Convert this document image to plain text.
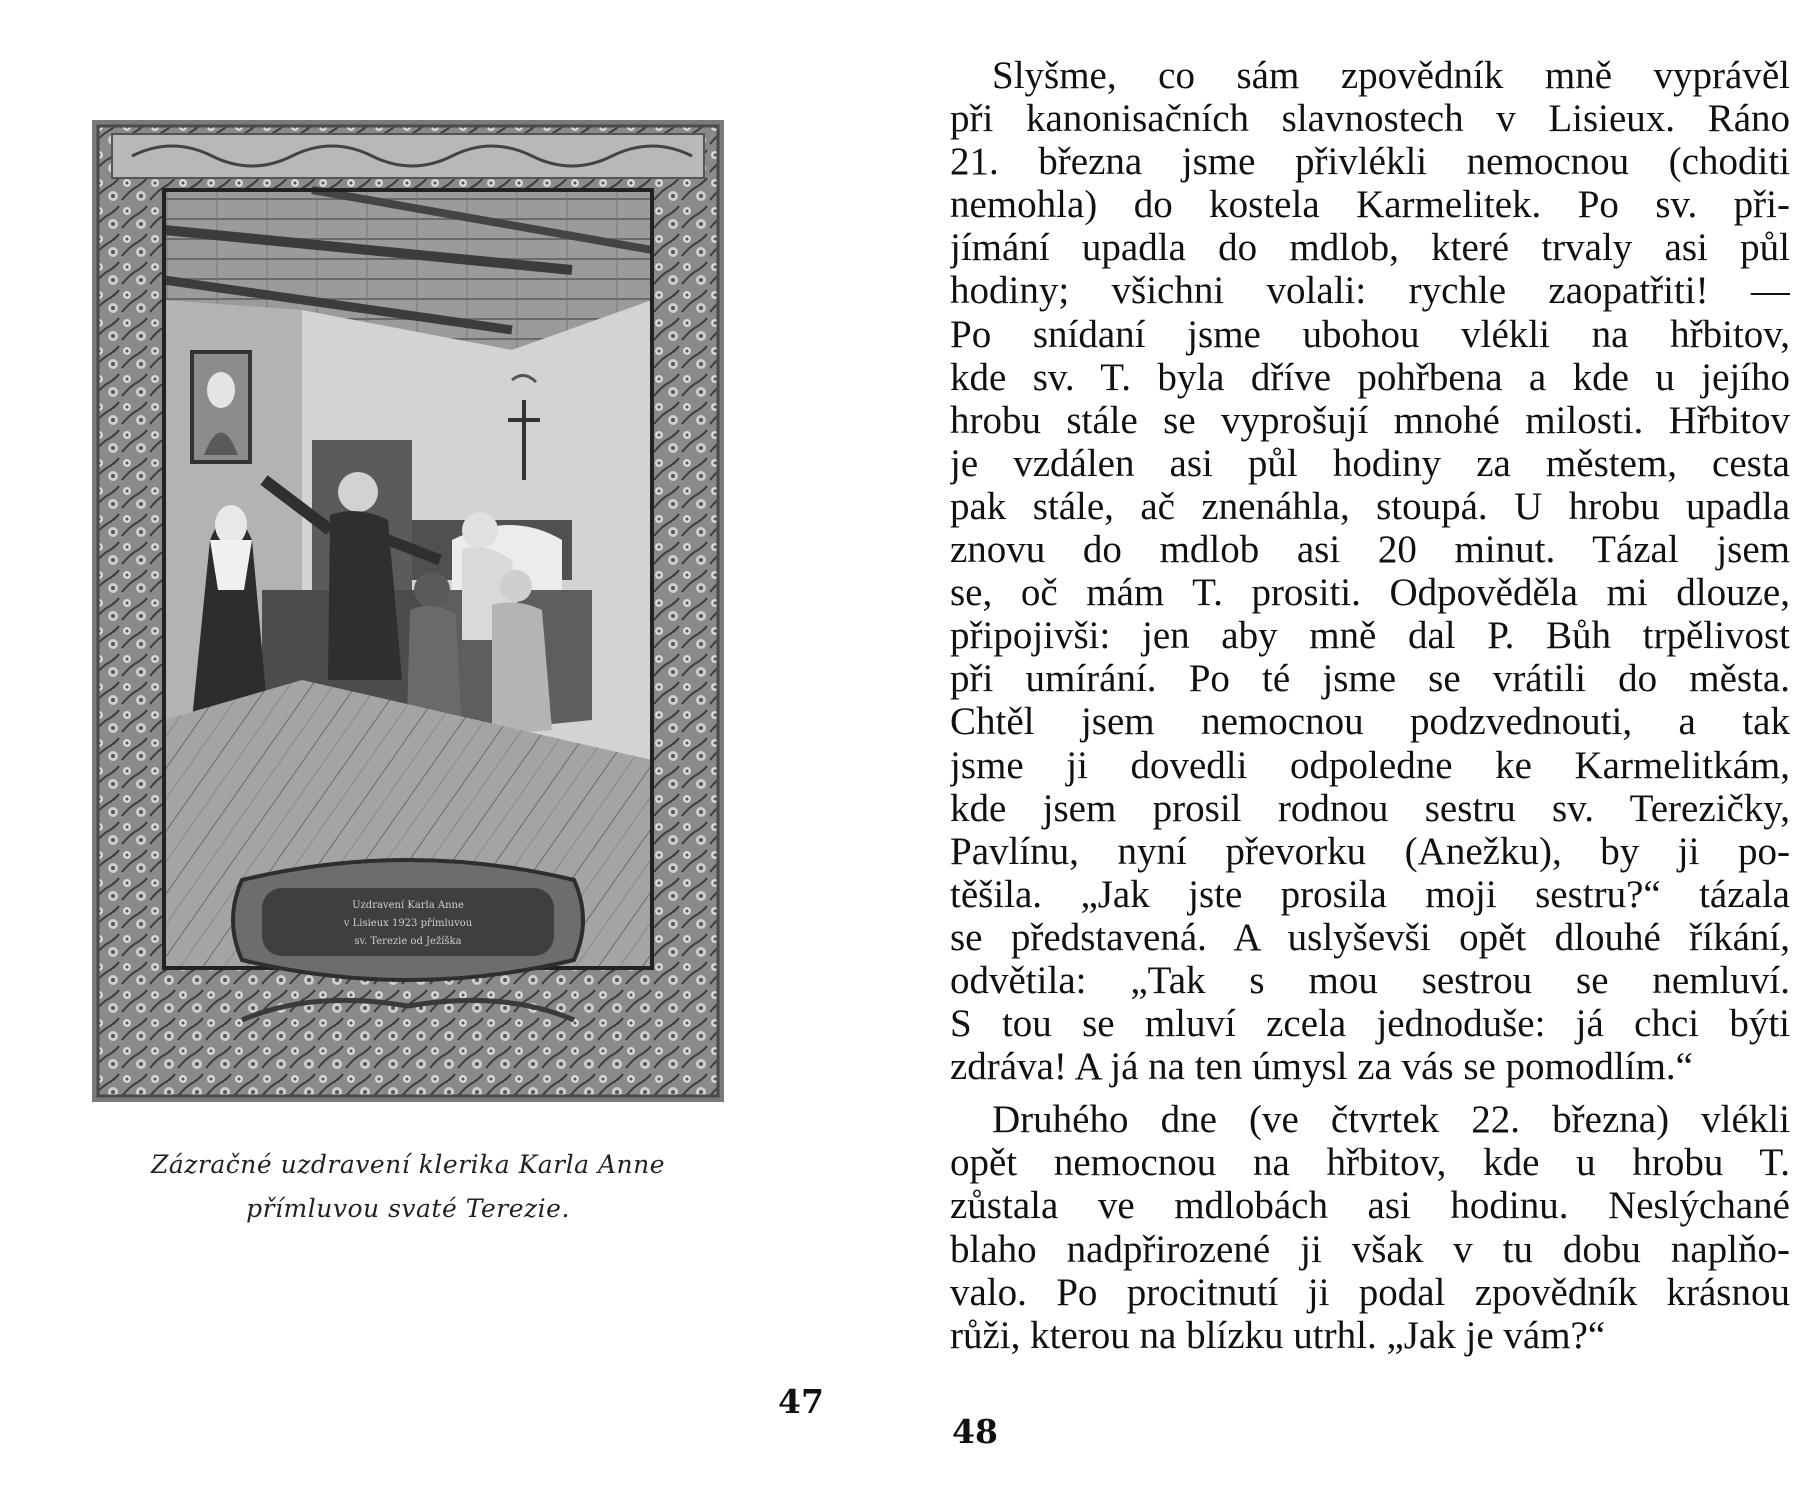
Uzdravení Karla Anne
v Lisieux 1923 přímluvou
sv. Terezie od Ježíška
Zázračné uzdravení klerika Karla Anne
přímluvou svaté Terezie.
47

Slyšme, co sám zpovědník mně vyprávěl
při kanonisačních slavnostech v Lisieux. Ráno
21. března jsme přivlékli nemocnou (choditi
nemohla) do kostela Karmelitek. Po sv. při-
jímání upadla do mdlob, které trvaly asi půl
hodiny; všichni volali: rychle zaopatřiti! —
Po snídaní jsme ubohou vlékli na hřbitov,
kde sv. T. byla dříve pohřbena a kde u jejího
hrobu stále se vyprošují mnohé milosti. Hřbitov
je vzdálen asi půl hodiny za městem, cesta
pak stále, ač znenáhla, stoupá. U hrobu upadla
znovu do mdlob asi 20 minut. Tázal jsem
se, oč mám T. prositi. Odpověděla mi dlouze,
připojivši: jen aby mně dal P. Bůh trpělivost
při umírání. Po té jsme se vrátili do města.
Chtěl jsem nemocnou podzvednouti, a tak
jsme ji dovedli odpoledne ke Karmelitkám,
kde jsem prosil rodnou sestru sv. Terezičky,
Pavlínu, nyní převorku (Anežku), by ji po-
těšila. „Jak jste prosila moji sestru?“ tázala
se představená. A uslyševši opět dlouhé říkání,
odvětila: „Tak s mou sestrou se nemluví.
S tou se mluví zcela jednoduše: já chci býti
zdráva! A já na ten úmysl za vás se pomodlím.“

Druhého dne (ve čtvrtek 22. března) vlékli
opět nemocnou na hřbitov, kde u hrobu T.
zůstala ve mdlobách asi hodinu. Neslýchané
blaho nadpřirozené ji však v tu dobu naplňo-
valo. Po procitnutí ji podal zpovědník krásnou
růži, kterou na blízku utrhl. „Jak je vám?“

48
